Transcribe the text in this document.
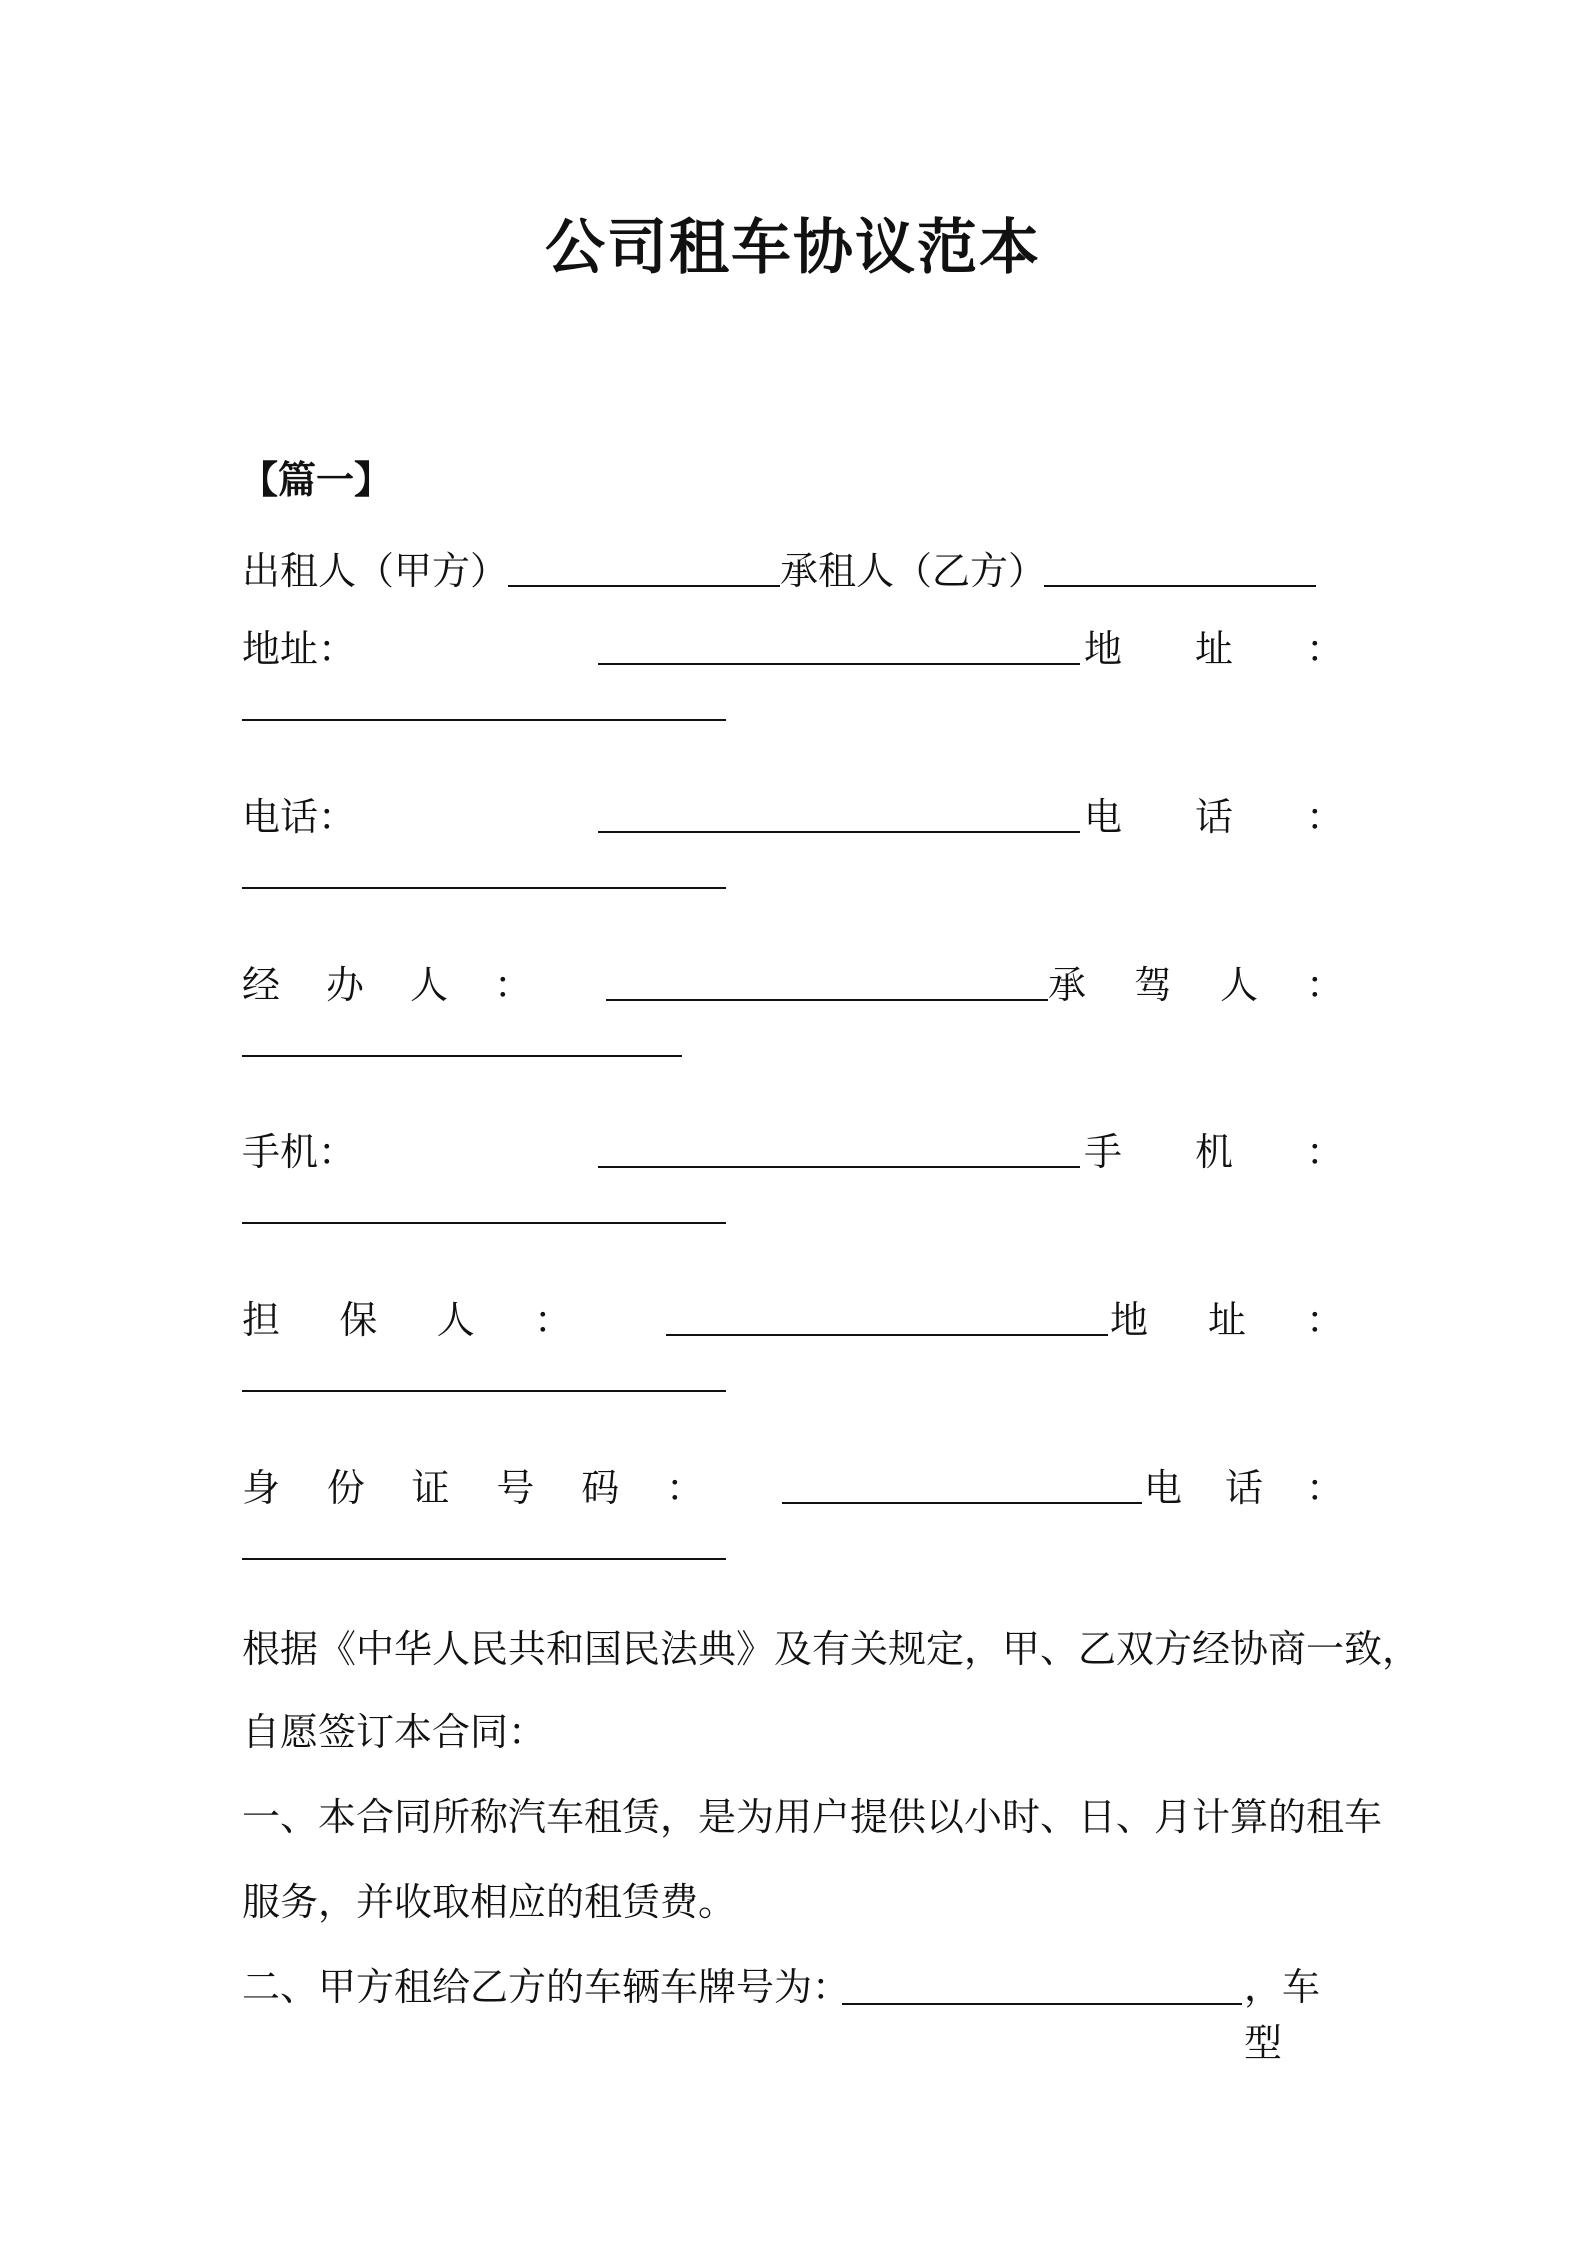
公司租车协议范本
【篇一】
出租人（甲方）	承租人（乙方）
地 址 ：	地 址 ：
电 话 ：	电 话 ：
经 办 人 ：	承 驾 人 ：
手 机 ：	手 机 ：
担 保 人 ：	地 址 ：
身 份 证 号 码 ：	电 话 ：
根据《中华人民共和国民法典》及有关规定，甲、乙双方经协商一致，
自愿签订本合同：
一、本合同所称汽车租赁，是为用户提供以小时、日、月计算的租车
服务，并收取相应的租赁费。
二、甲方租给乙方的车辆车牌号为：	，车型
